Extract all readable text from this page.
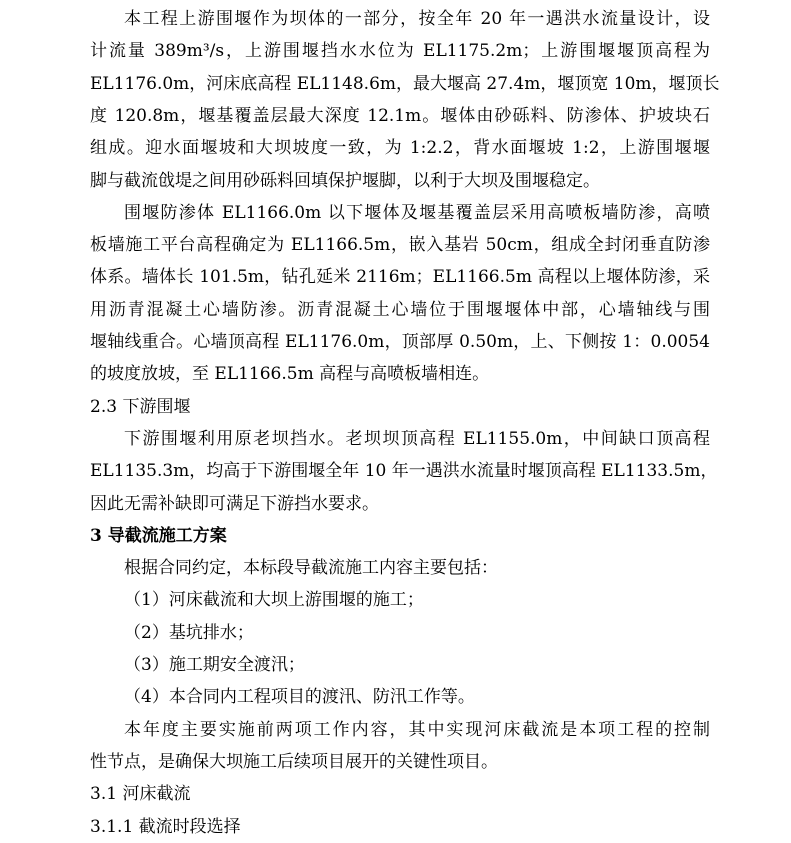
本工程上游围堰作为坝体的一部分，按全年 20 年一遇洪水流量设计，设
计流量 389m³/s，上游围堰挡水水位为 EL1175.2m；上游围堰堰顶高程为
EL1176.0m，河床底高程 EL1148.6m，最大堰高 27.4m，堰顶宽 10m，堰顶长
度 120.8m，堰基覆盖层最大深度 12.1m。堰体由砂砾料、防渗体、护坡块石
组成。迎水面堰坡和大坝坡度一致，为 1:2.2，背水面堰坡 1:2，上游围堰堰
脚与截流戗堤之间用砂砾料回填保护堰脚，以利于大坝及围堰稳定。
围堰防渗体 EL1166.0m 以下堰体及堰基覆盖层采用高喷板墙防渗，高喷
板墙施工平台高程确定为 EL1166.5m，嵌入基岩 50cm，组成全封闭垂直防渗
体系。墙体长 101.5m，钻孔延米 2116m；EL1166.5m 高程以上堰体防渗，采
用沥青混凝土心墙防渗。沥青混凝土心墙位于围堰堰体中部，心墙轴线与围
堰轴线重合。心墙顶高程 EL1176.0m，顶部厚 0.50m，上、下侧按 1：0.0054
的坡度放坡，至 EL1166.5m 高程与高喷板墙相连。
2.3 下游围堰
下游围堰利用原老坝挡水。老坝坝顶高程 EL1155.0m，中间缺口顶高程
EL1135.3m，均高于下游围堰全年 10 年一遇洪水流量时堰顶高程 EL1133.5m，
因此无需补缺即可满足下游挡水要求。
3 导截流施工方案
根据合同约定，本标段导截流施工内容主要包括：
（1）河床截流和大坝上游围堰的施工；
（2）基坑排水；
（3）施工期安全渡汛；
（4）本合同内工程项目的渡汛、防汛工作等。
本年度主要实施前两项工作内容，其中实现河床截流是本项工程的控制
性节点，是确保大坝施工后续项目展开的关键性项目。
3.1 河床截流
3.1.1 截流时段选择
